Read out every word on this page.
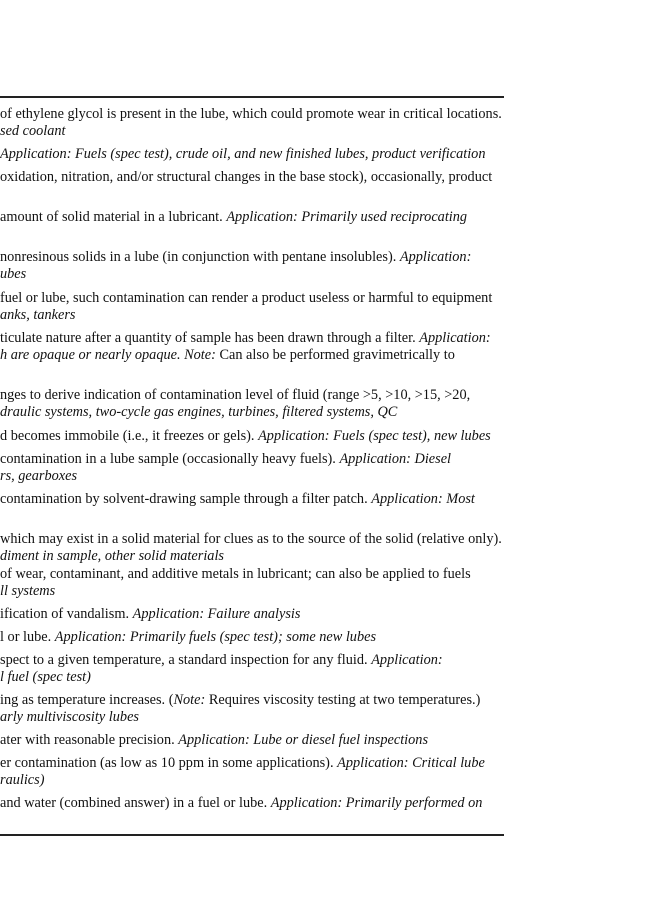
of ethylene glycol is present in the lube, which could promote wear in critical locations.
sed coolant
Application: Fuels (spec test), crude oil, and new finished lubes, product verification
oxidation, nitration, and/or structural changes in the base stock), occasionally, product
amount of solid material in a lubricant. Application: Primarily used reciprocating
nonresinous solids in a lube (in conjunction with pentane insolubles). Application:
ubes
fuel or lube, such contamination can render a product useless or harmful to equipment
anks, tankers
ticulate nature after a quantity of sample has been drawn through a filter. Application:
h are opaque or nearly opaque. Note: Can also be performed gravimetrically to
nges to derive indication of contamination level of fluid (range >5, >10, >15, >20,
draulic systems, two-cycle gas engines, turbines, filtered systems, QC
d becomes immobile (i.e., it freezes or gels). Application: Fuels (spec test), new lubes
contamination in a lube sample (occasionally heavy fuels). Application: Diesel
rs, gearboxes
contamination by solvent-drawing sample through a filter patch. Application: Most
which may exist in a solid material for clues as to the source of the solid (relative only).
diment in sample, other solid materials
of wear, contaminant, and additive metals in lubricant; can also be applied to fuels
ll systems
ification of vandalism. Application: Failure analysis
l or lube. Application: Primarily fuels (spec test); some new lubes
spect to a given temperature, a standard inspection for any fluid. Application:
l fuel (spec test)
ing as temperature increases. (Note: Requires viscosity testing at two temperatures.)
arly multiviscosity lubes
ater with reasonable precision. Application: Lube or diesel fuel inspections
er contamination (as low as 10 ppm in some applications). Application: Critical lube
raulics)
and water (combined answer) in a fuel or lube. Application: Primarily performed on
